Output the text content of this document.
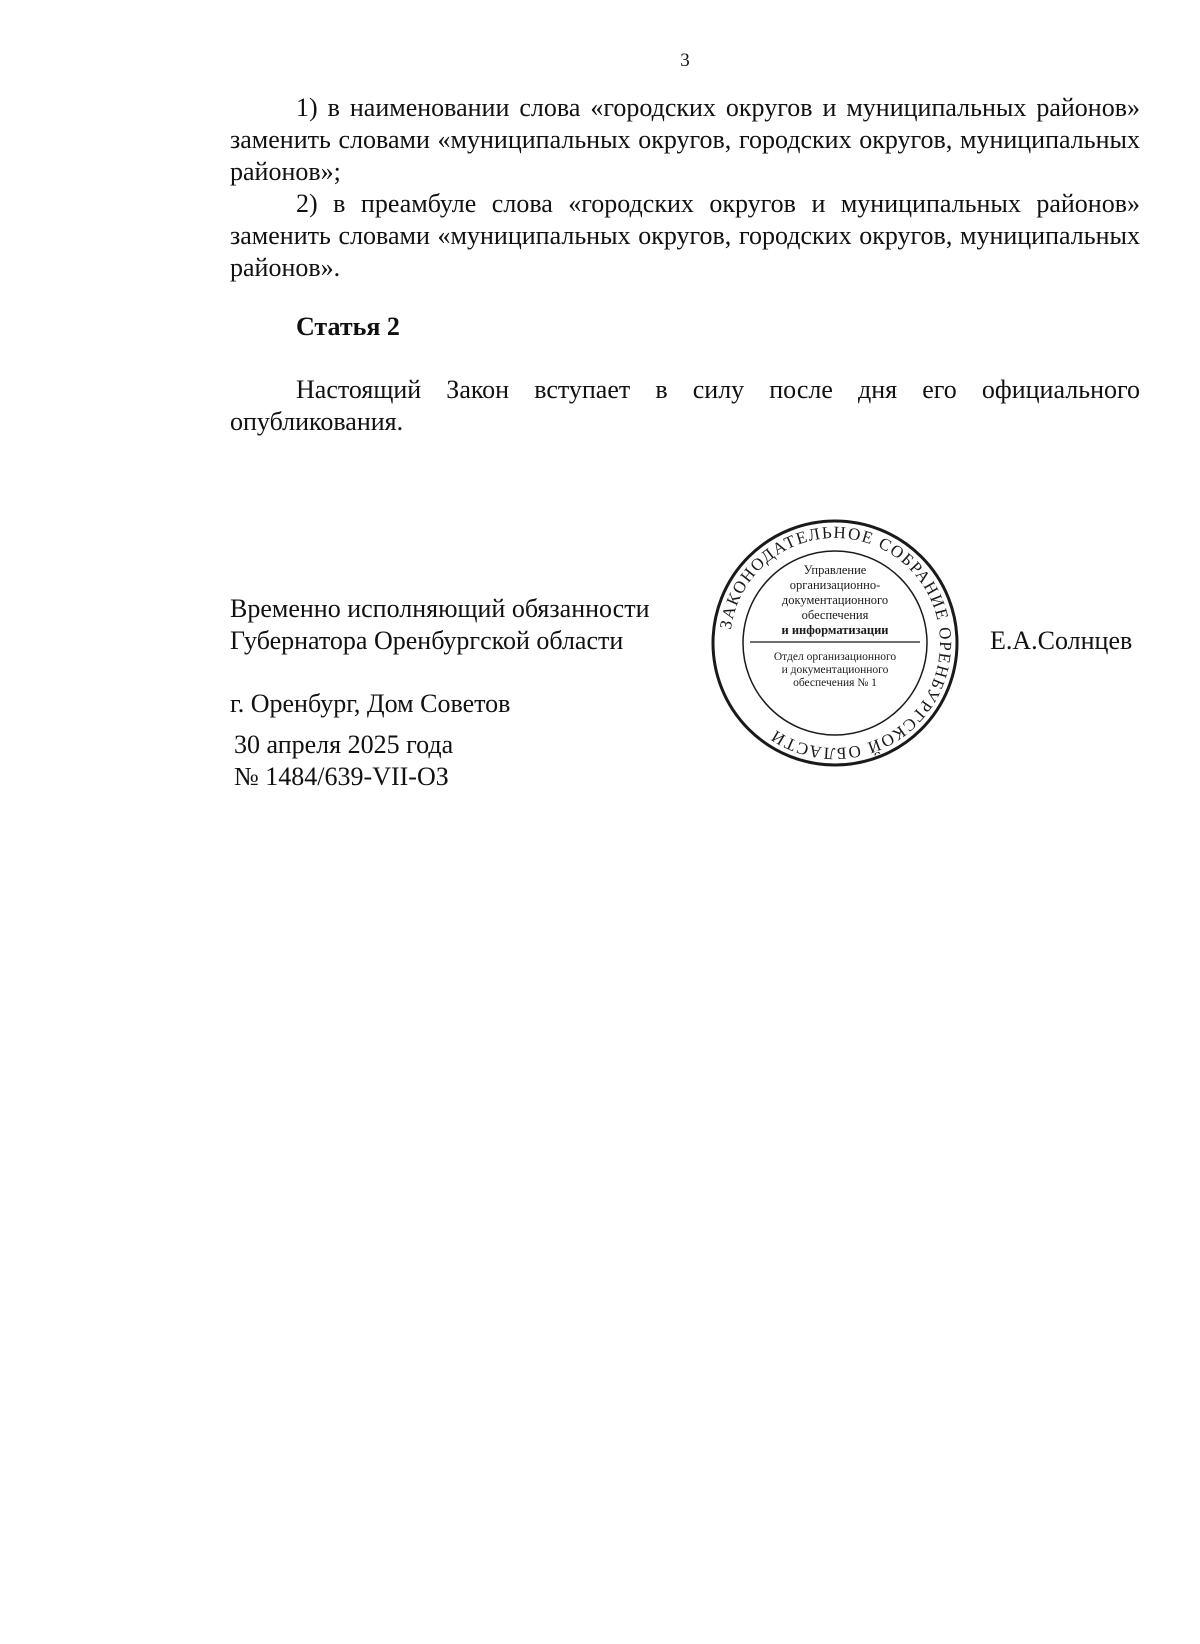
3

1) в наименовании слова «городских округов и муниципальных районов» заменить словами «муниципальных округов, городских округов, муниципальных районов»;

2) в преамбуле слова «городских округов и муниципальных районов» заменить словами «муниципальных округов, городских округов, муниципальных районов».

Статья 2

Настоящий Закон вступает в силу после дня его официального опубликования.

Временно исполняющий обязанности
Губернатора Оренбургской области	Е.А.Солнцев
г. Оренбург, Дом Советов
30 апреля 2025 года
№ 1484/639-VII-ОЗ
ЗАКОНОДАТЕЛЬНОЕ СОБРАНИЕ ОРЕНБУРГСКОЙ ОБЛАСТИ
Управление
организационно-
документационного
обеспечения
и информатизации
Отдел организационного
и документационного
обеспечения № 1
